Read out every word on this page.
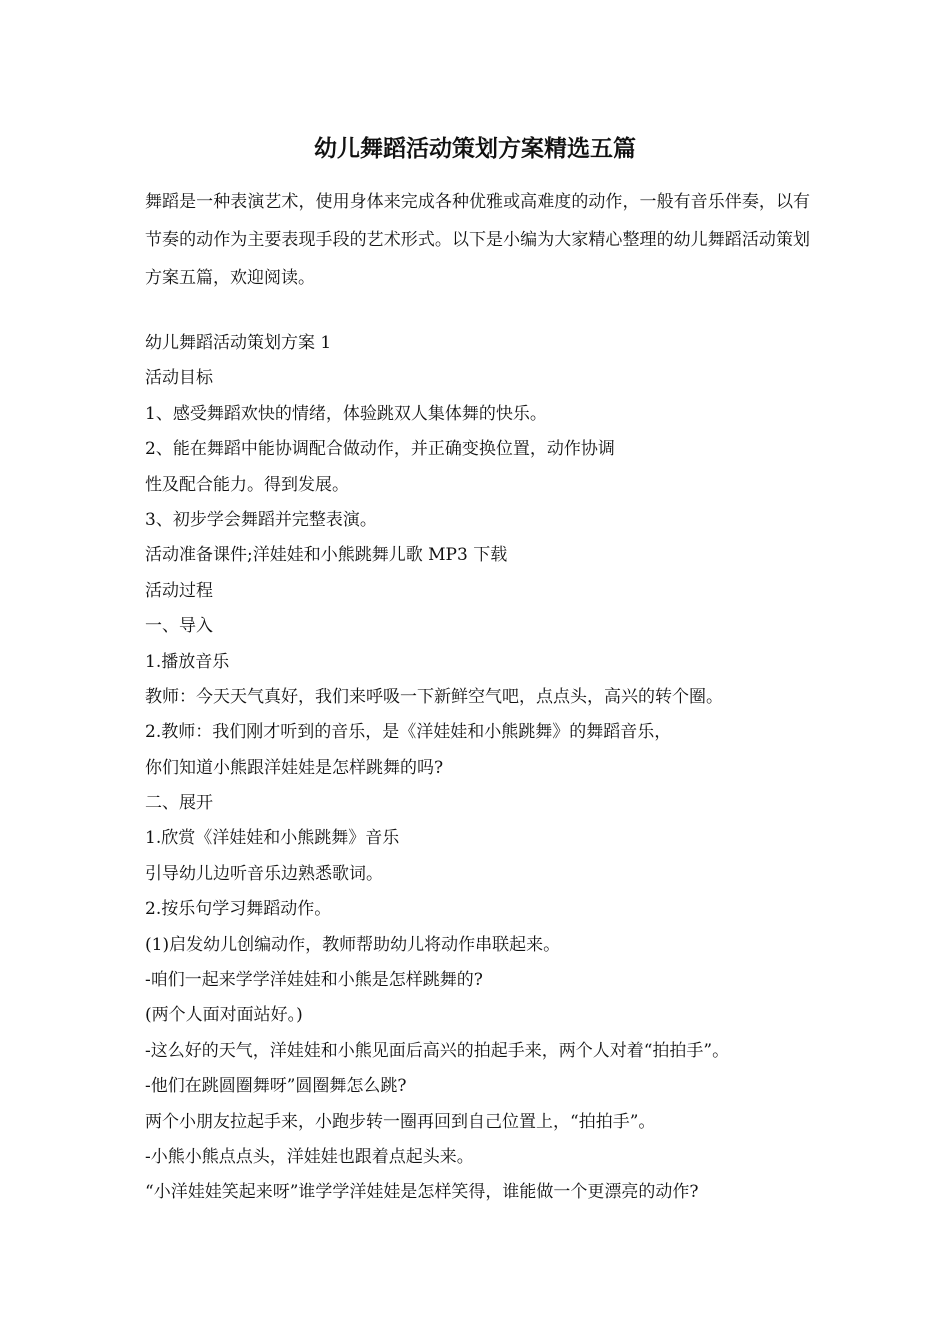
幼儿舞蹈活动策划方案精选五篇

舞蹈是一种表演艺术，使用身体来完成各种优雅或高难度的动作，一般有音乐伴奏，以有节奏的动作为主要表现手段的艺术形式。以下是小编为大家精心整理的幼儿舞蹈活动策划方案五篇，欢迎阅读。

幼儿舞蹈活动策划方案 1
活动目标
1、感受舞蹈欢快的情绪，体验跳双人集体舞的快乐。
2、能在舞蹈中能协调配合做动作，并正确变换位置，动作协调
性及配合能力。得到发展。
3、初步学会舞蹈并完整表演。
活动准备课件;洋娃娃和小熊跳舞儿歌 MP3 下载
活动过程
一、导入
1.播放音乐
教师：今天天气真好，我们来呼吸一下新鲜空气吧，点点头，高兴的转个圈。
2.教师：我们刚才听到的音乐，是《洋娃娃和小熊跳舞》的舞蹈音乐，
你们知道小熊跟洋娃娃是怎样跳舞的吗?
二、展开
1.欣赏《洋娃娃和小熊跳舞》音乐
引导幼儿边听音乐边熟悉歌词。
2.按乐句学习舞蹈动作。
(1)启发幼儿创编动作，教师帮助幼儿将动作串联起来。
-咱们一起来学学洋娃娃和小熊是怎样跳舞的?
(两个人面对面站好。)
-这么好的天气，洋娃娃和小熊见面后高兴的拍起手来，两个人对着“拍拍手”。
-他们在跳圆圈舞呀”圆圈舞怎么跳?
两个小朋友拉起手来，小跑步转一圈再回到自己位置上，“拍拍手”。
-小熊小熊点点头，洋娃娃也跟着点起头来。
“小洋娃娃笑起来呀”谁学学洋娃娃是怎样笑得，谁能做一个更漂亮的动作?
